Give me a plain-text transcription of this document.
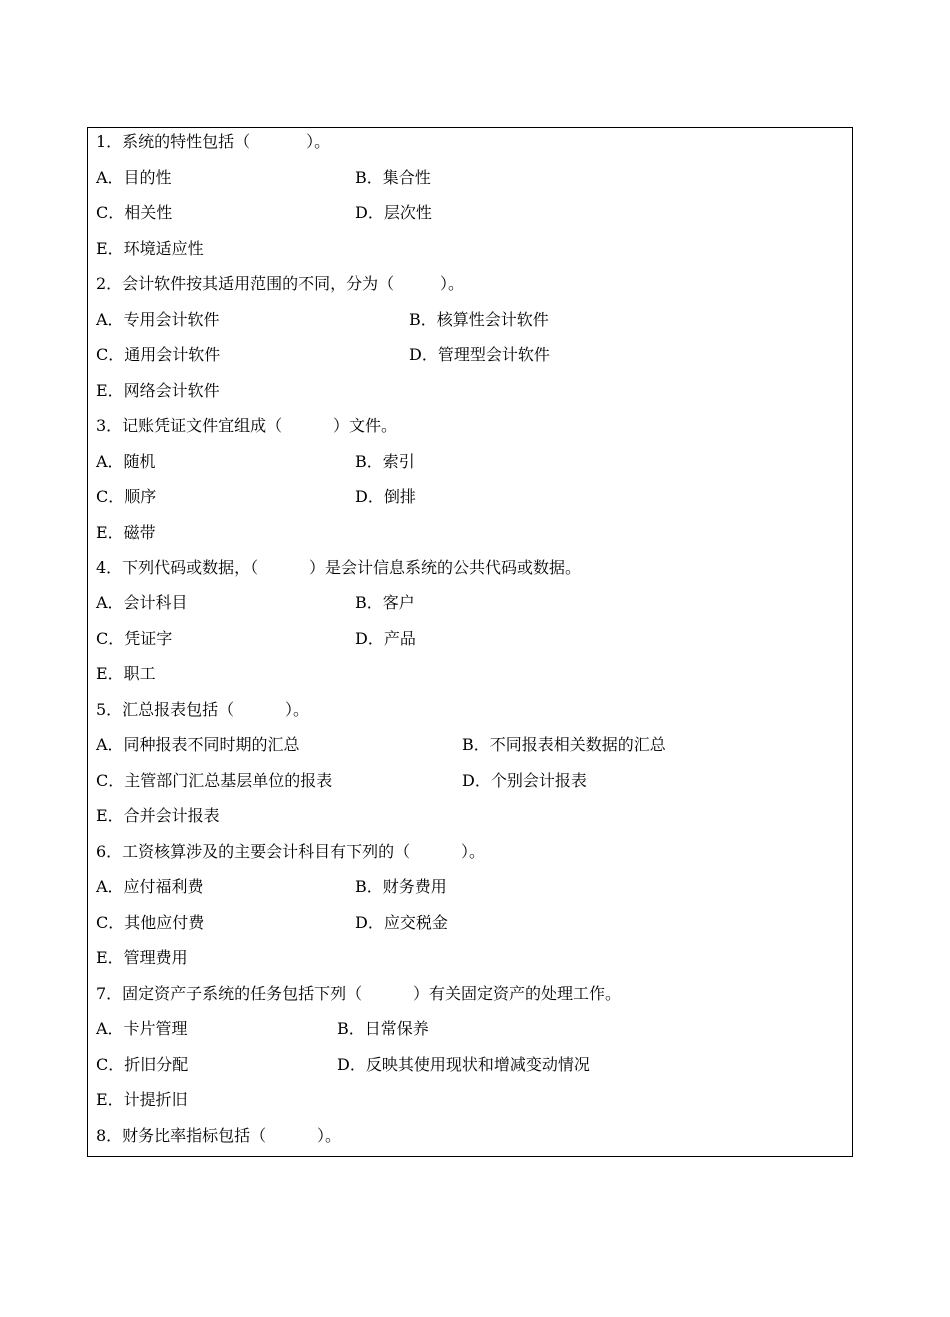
1．系统的特性包括（           ）。
A．目的性	B．集合性
C．相关性	D．层次性
E．环境适应性
2．会计软件按其适用范围的不同，分为（         ）。
A．专用会计软件	B．核算性会计软件
C．通用会计软件	D．管理型会计软件
E．网络会计软件
3．记账凭证文件宜组成（          ）文件。
A．随机	B．索引
C．顺序	D．倒排
E．磁带
4．下列代码或数据，（          ）是会计信息系统的公共代码或数据。
A．会计科目	B．客户
C．凭证字	D．产品
E．职工
5．汇总报表包括（          ）。
A．同种报表不同时期的汇总	B．不同报表相关数据的汇总
C．主管部门汇总基层单位的报表	D．个别会计报表
E．合并会计报表
6．工资核算涉及的主要会计科目有下列的（          ）。
A．应付福利费	B．财务费用
C．其他应付费	D．应交税金
E．管理费用
7．固定资产子系统的任务包括下列（          ）有关固定资产的处理工作。
A．卡片管理	B．日常保养
C．折旧分配	D．反映其使用现状和增减变动情况
E．计提折旧
8．财务比率指标包括（          ）。
